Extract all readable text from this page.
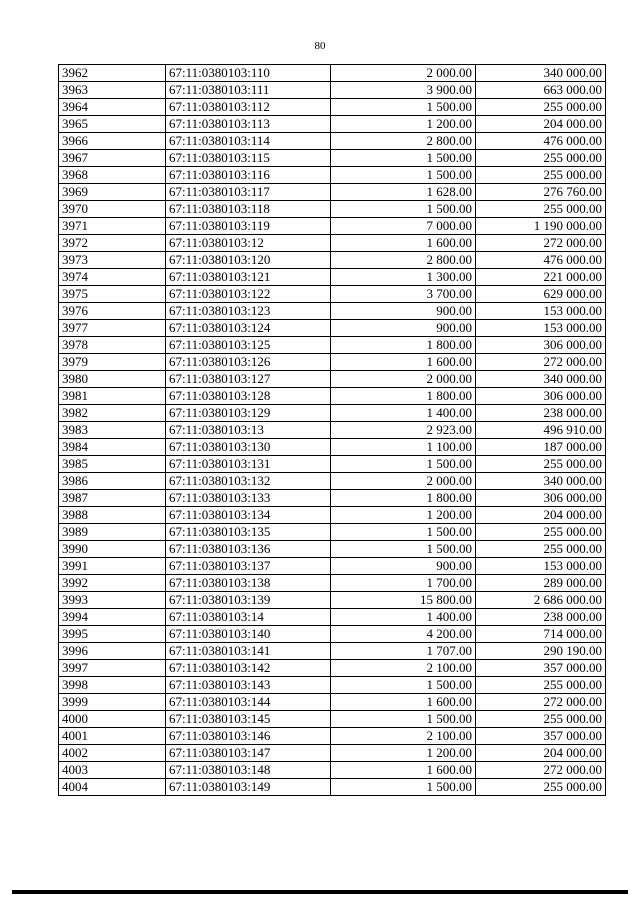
80
3962	67:11:0380103:110	2 000.00	340 000.00
3963	67:11:0380103:111	3 900.00	663 000.00
3964	67:11:0380103:112	1 500.00	255 000.00
3965	67:11:0380103:113	1 200.00	204 000.00
3966	67:11:0380103:114	2 800.00	476 000.00
3967	67:11:0380103:115	1 500.00	255 000.00
3968	67:11:0380103:116	1 500.00	255 000.00
3969	67:11:0380103:117	1 628.00	276 760.00
3970	67:11:0380103:118	1 500.00	255 000.00
3971	67:11:0380103:119	7 000.00	1 190 000.00
3972	67:11:0380103:12	1 600.00	272 000.00
3973	67:11:0380103:120	2 800.00	476 000.00
3974	67:11:0380103:121	1 300.00	221 000.00
3975	67:11:0380103:122	3 700.00	629 000.00
3976	67:11:0380103:123	900.00	153 000.00
3977	67:11:0380103:124	900.00	153 000.00
3978	67:11:0380103:125	1 800.00	306 000.00
3979	67:11:0380103:126	1 600.00	272 000.00
3980	67:11:0380103:127	2 000.00	340 000.00
3981	67:11:0380103:128	1 800.00	306 000.00
3982	67:11:0380103:129	1 400.00	238 000.00
3983	67:11:0380103:13	2 923.00	496 910.00
3984	67:11:0380103:130	1 100.00	187 000.00
3985	67:11:0380103:131	1 500.00	255 000.00
3986	67:11:0380103:132	2 000.00	340 000.00
3987	67:11:0380103:133	1 800.00	306 000.00
3988	67:11:0380103:134	1 200.00	204 000.00
3989	67:11:0380103:135	1 500.00	255 000.00
3990	67:11:0380103:136	1 500.00	255 000.00
3991	67:11:0380103:137	900.00	153 000.00
3992	67:11:0380103:138	1 700.00	289 000.00
3993	67:11:0380103:139	15 800.00	2 686 000.00
3994	67:11:0380103:14	1 400.00	238 000.00
3995	67:11:0380103:140	4 200.00	714 000.00
3996	67:11:0380103:141	1 707.00	290 190.00
3997	67:11:0380103:142	2 100.00	357 000.00
3998	67:11:0380103:143	1 500.00	255 000.00
3999	67:11:0380103:144	1 600.00	272 000.00
4000	67:11:0380103:145	1 500.00	255 000.00
4001	67:11:0380103:146	2 100.00	357 000.00
4002	67:11:0380103:147	1 200.00	204 000.00
4003	67:11:0380103:148	1 600.00	272 000.00
4004	67:11:0380103:149	1 500.00	255 000.00
